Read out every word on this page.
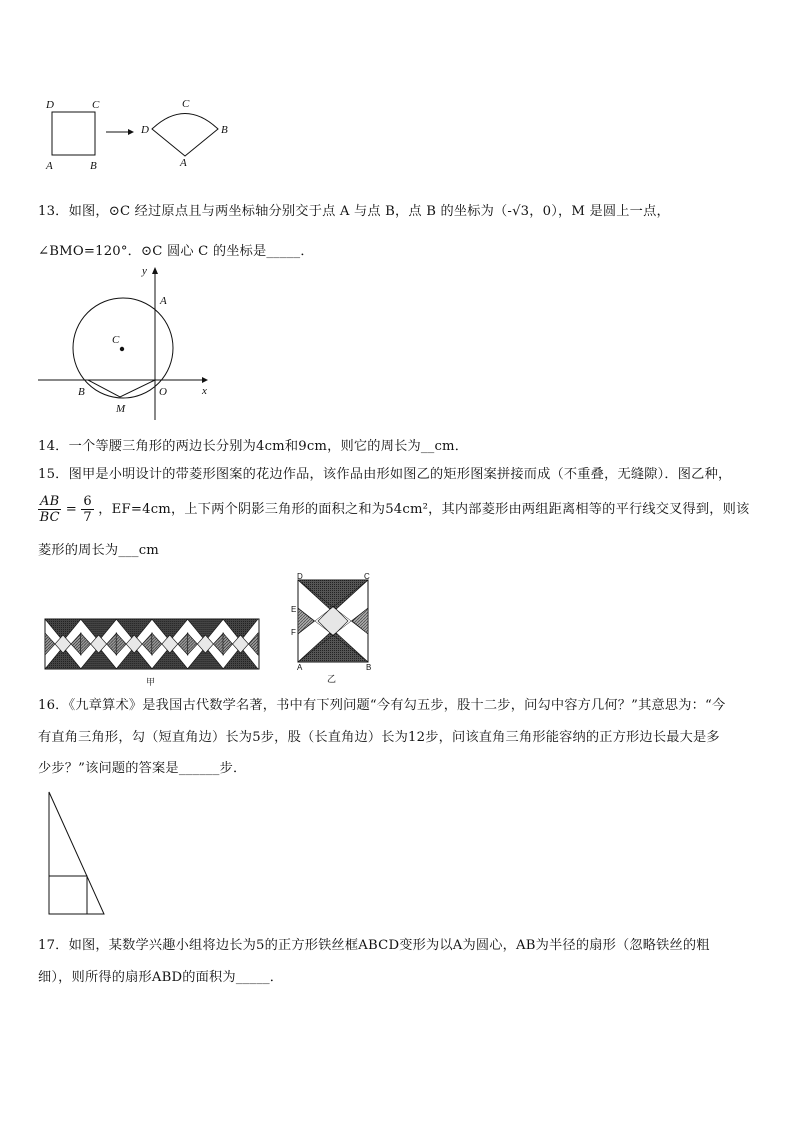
D	C
A	B
C
D	B
A
13．如图，⊙C 经过原点且与两坐标轴分别交于点 A 与点 B，点 B 的坐标为（-√3，0），M 是圆上一点，
∠BMO=120°．⊙C 圆心 C 的坐标是_____．
y
x
C
A
B	O
M
14．一个等腰三角形的两边长分别为4cm和9cm，则它的周长为__cm．
15．图甲是小明设计的带菱形图案的花边作品，该作品由形如图乙的矩形图案拼接而成（不重叠，无缝隙）．图乙种，
$\frac{AB}{BC} = \frac{6}{7}$ ，EF=4cm，上下两个阴影三角形的面积之和为54cm²，其内部菱形由两组距离相等的平行线交叉得到，则该
菱形的周长为___cm
甲
D	C
E
F
A	B
乙
16．《九章算术》是我国古代数学名著，书中有下列问题“今有勾五步，股十二步，问勾中容方几何？”其意思为：“今
有直角三角形，勾（短直角边）长为5步，股（长直角边）长为12步，问该直角三角形能容纳的正方形边长最大是多
少步？”该问题的答案是______步．
17．如图，某数学兴趣小组将边长为5的正方形铁丝框ABCD变形为以A为圆心，AB为半径的扇形（忽略铁丝的粗
细），则所得的扇形ABD的面积为_____．
